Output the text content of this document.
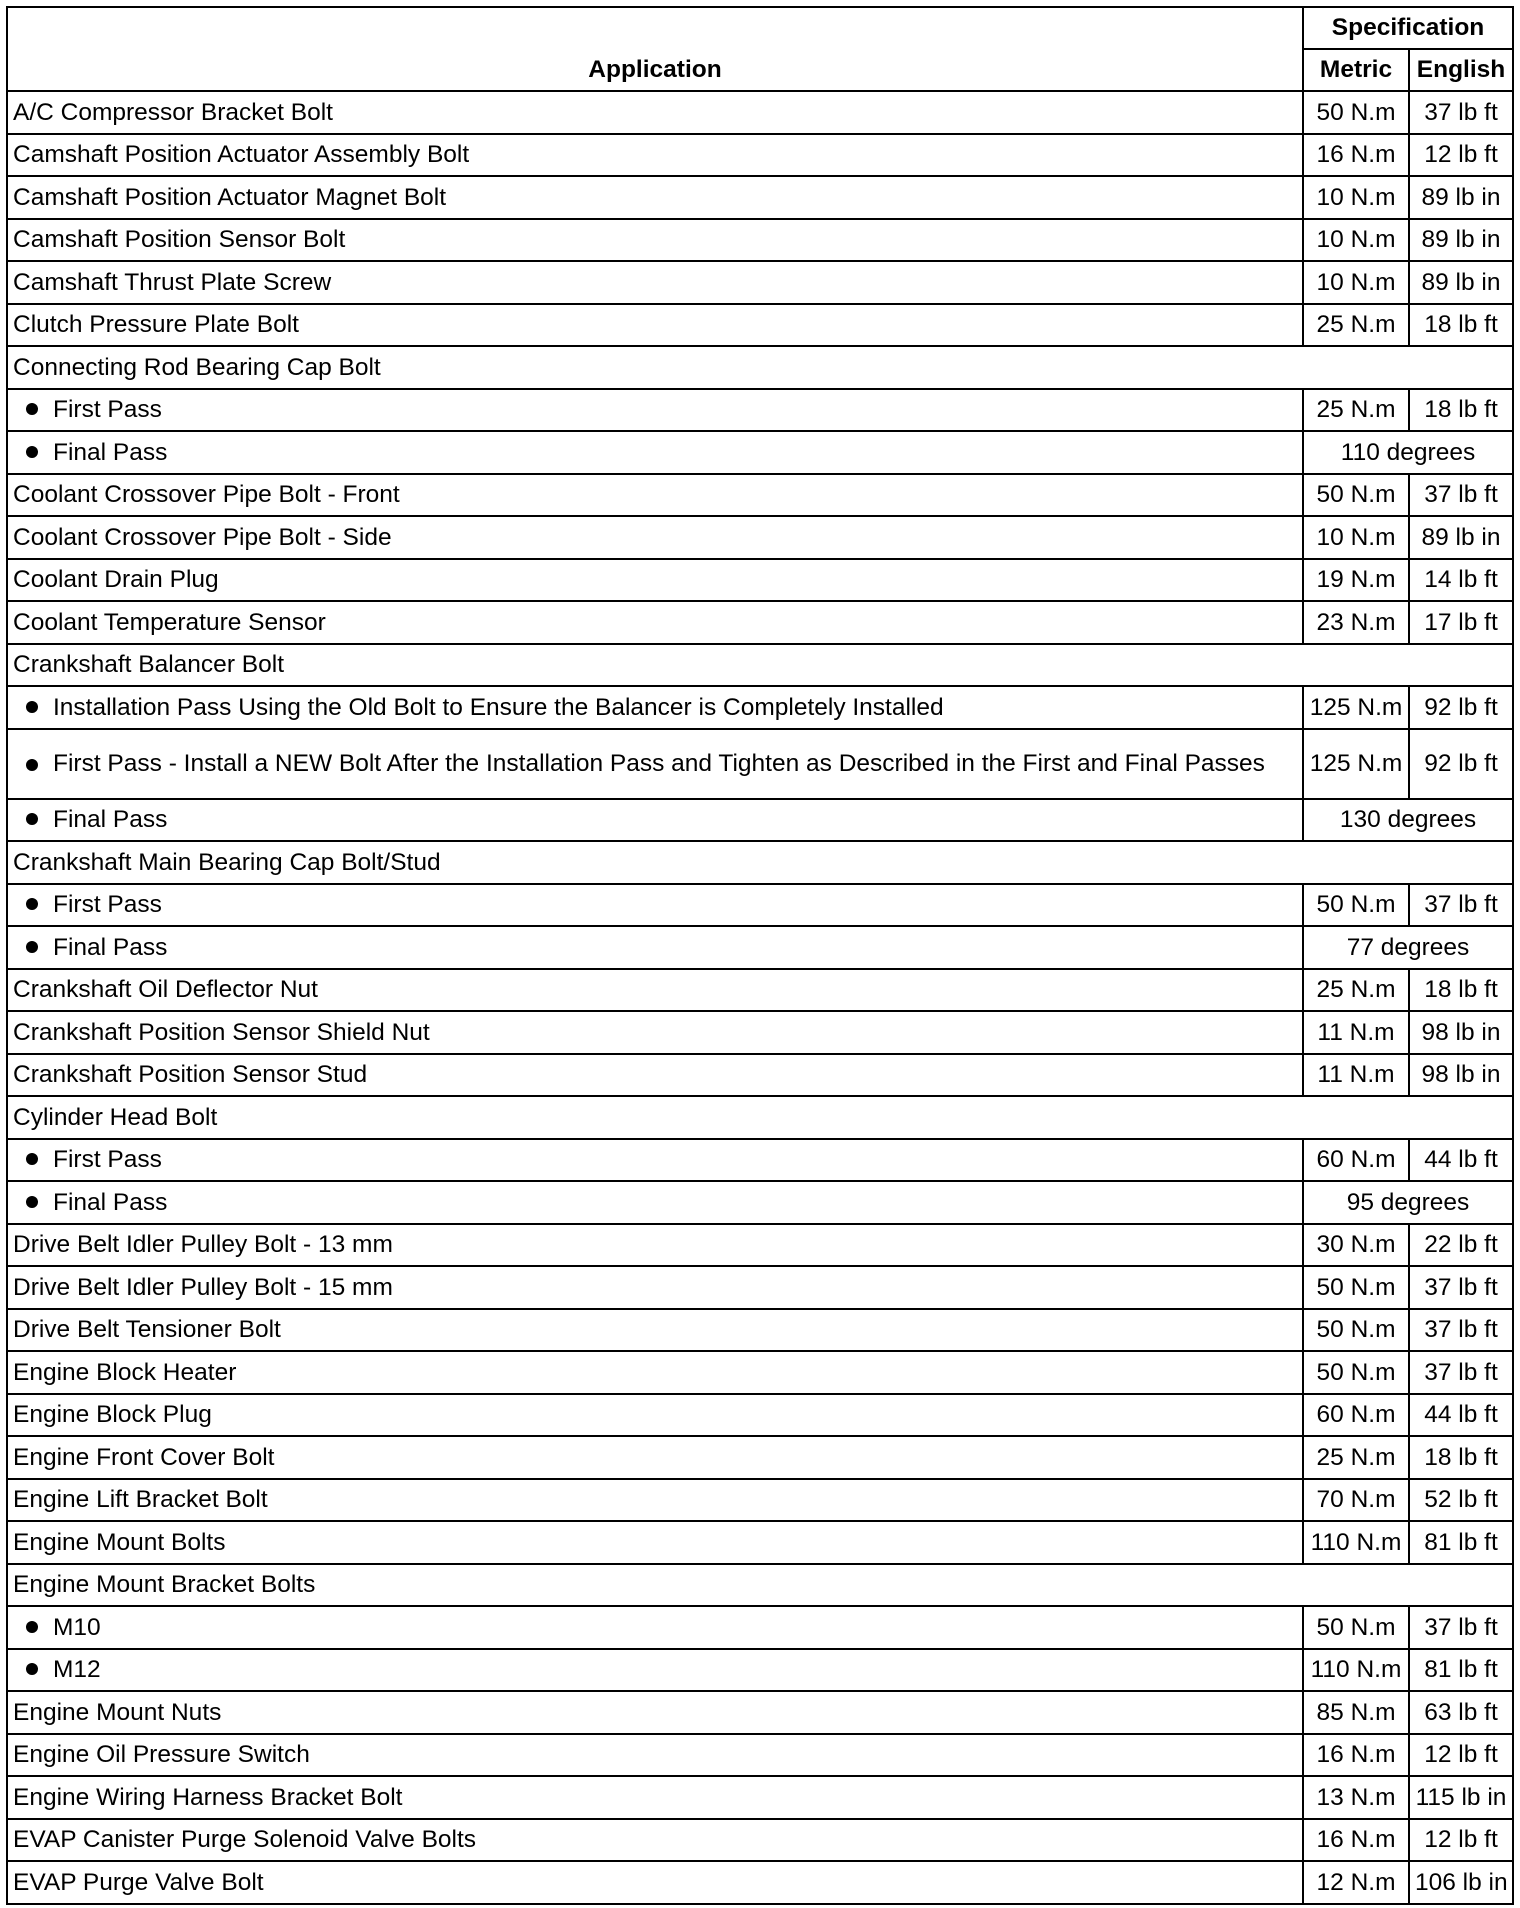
Application	Specification	
	Metric	English
A/C Compressor Bracket Bolt	50 N.m	37 lb ft
Camshaft Position Actuator Assembly Bolt	16 N.m	12 lb ft
Camshaft Position Actuator Magnet Bolt	10 N.m	89 lb in
Camshaft Position Sensor Bolt	10 N.m	89 lb in
Camshaft Thrust Plate Screw	10 N.m	89 lb in
Clutch Pressure Plate Bolt	25 N.m	18 lb ft
Connecting Rod Bearing Cap Bolt		

First Pass	25 N.m	18 lb ft

Final Pass	110 degrees	
Coolant Crossover Pipe Bolt - Front	50 N.m	37 lb ft
Coolant Crossover Pipe Bolt - Side	10 N.m	89 lb in
Coolant Drain Plug	19 N.m	14 lb ft
Coolant Temperature Sensor	23 N.m	17 lb ft
Crankshaft Balancer Bolt		

Installation Pass Using the Old Bolt to Ensure the Balancer is Completely Installed	125 N.m	92 lb ft

First Pass - Install a NEW Bolt After the Installation Pass and Tighten as Described in the First and Final Passes	125 N.m	92 lb ft

Final Pass	130 degrees	
Crankshaft Main Bearing Cap Bolt/Stud		

First Pass	50 N.m	37 lb ft

Final Pass	77 degrees	
Crankshaft Oil Deflector Nut	25 N.m	18 lb ft
Crankshaft Position Sensor Shield Nut	11 N.m	98 lb in
Crankshaft Position Sensor Stud	11 N.m	98 lb in
Cylinder Head Bolt		

First Pass	60 N.m	44 lb ft

Final Pass	95 degrees	
Drive Belt Idler Pulley Bolt - 13 mm	30 N.m	22 lb ft
Drive Belt Idler Pulley Bolt - 15 mm	50 N.m	37 lb ft
Drive Belt Tensioner Bolt	50 N.m	37 lb ft
Engine Block Heater	50 N.m	37 lb ft
Engine Block Plug	60 N.m	44 lb ft
Engine Front Cover Bolt	25 N.m	18 lb ft
Engine Lift Bracket Bolt	70 N.m	52 lb ft
Engine Mount Bolts	110 N.m	81 lb ft
Engine Mount Bracket Bolts		

M10	50 N.m	37 lb ft

M12	110 N.m	81 lb ft
Engine Mount Nuts	85 N.m	63 lb ft
Engine Oil Pressure Switch	16 N.m	12 lb ft
Engine Wiring Harness Bracket Bolt	13 N.m	115 lb in
EVAP Canister Purge Solenoid Valve Bolts	16 N.m	12 lb ft
EVAP Purge Valve Bolt	12 N.m	106 lb in
